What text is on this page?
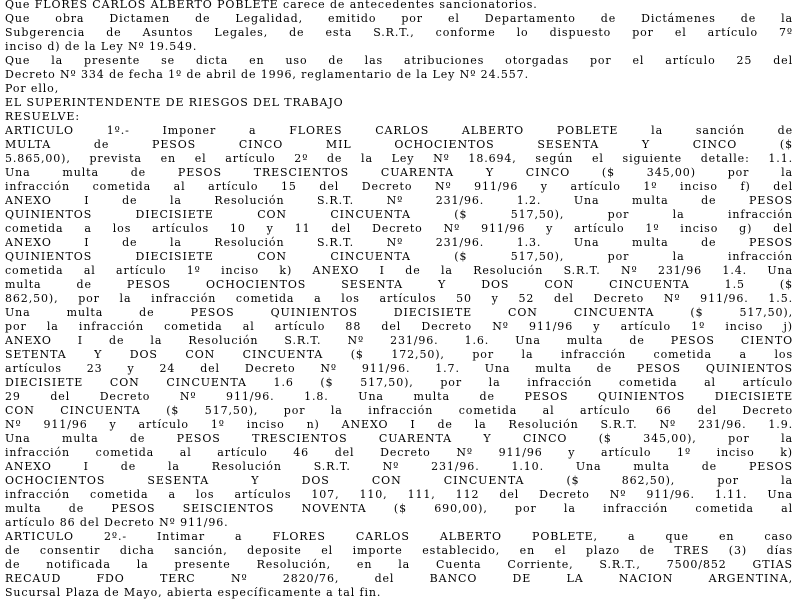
Que FLORES CARLOS ALBERTO POBLETE carece de antecedentes sancionatorios.
Que obra Dictamen de Legalidad, emitido por el Departamento de Dictámenes de la
Subgerencia de Asuntos Legales, de esta S.R.T., conforme lo dispuesto por el artículo 7º
inciso d) de la Ley Nº 19.549.
Que la presente se dicta en uso de las atribuciones otorgadas por el artículo 25 del
Decreto Nº 334 de fecha 1º de abril de 1996, reglamentario de la Ley Nº 24.557.
Por ello,
EL SUPERINTENDENTE DE RIESGOS DEL TRABAJO
RESUELVE:
ARTICULO 1º.- Imponer a FLORES CARLOS ALBERTO POBLETE la sanción de
MULTA de PESOS CINCO MIL OCHOCIENTOS SESENTA Y CINCO ($
5.865,00), prevista en el artículo 2º de la Ley Nº 18.694, según el siguiente detalle: 1.1.
Una multa de PESOS TRESCIENTOS CUARENTA Y CINCO ($ 345,00) por la
infracción cometida al artículo 15 del Decreto Nº 911/96 y artículo 1º inciso f) del
ANEXO I de la Resolución S.R.T. Nº 231/96. 1.2. Una multa de PESOS
QUINIENTOS DIECISIETE CON CINCUENTA ($ 517,50), por la infracción
cometida a los artículos 10 y 11 del Decreto Nº 911/96 y artículo 1º inciso g) del
ANEXO I de la Resolución S.R.T. Nº 231/96. 1.3. Una multa de PESOS
QUINIENTOS DIECISIETE CON CINCUENTA ($ 517,50), por la infracción
cometida al artículo 1º inciso k) ANEXO I de la Resolución S.R.T. Nº 231/96 1.4. Una
multa de PESOS OCHOCIENTOS SESENTA Y DOS CON CINCUENTA 1.5 ($
862,50), por la infracción cometida a los artículos 50 y 52 del Decreto Nº 911/96. 1.5.
Una multa de PESOS QUINIENTOS DIECISIETE CON CINCUENTA ($ 517,50),
por la infracción cometida al artículo 88 del Decreto Nº 911/96 y artículo 1º inciso j)
ANEXO I de la Resolución S.R.T. Nº 231/96. 1.6. Una multa de PESOS CIENTO
SETENTA Y DOS CON CINCUENTA ($ 172,50), por la infracción cometida a los
artículos 23 y 24 del Decreto Nº 911/96. 1.7. Una multa de PESOS QUINIENTOS
DIECISIETE CON CINCUENTA 1.6 ($ 517,50), por la infracción cometida al artículo
29 del Decreto Nº 911/96. 1.8. Una multa de PESOS QUINIENTOS DIECISIETE
CON CINCUENTA ($ 517,50), por la infracción cometida al artículo 66 del Decreto
Nº 911/96 y artículo 1º inciso n) ANEXO I de la Resolución S.R.T. Nº 231/96. 1.9.
Una multa de PESOS TRESCIENTOS CUARENTA Y CINCO ($ 345,00), por la
infracción cometida al artículo 46 del Decreto Nº 911/96 y artículo 1º inciso k)
ANEXO I de la Resolución S.R.T. Nº 231/96. 1.10. Una multa de PESOS
OCHOCIENTOS SESENTA Y DOS CON CINCUENTA ($ 862,50), por la
infracción cometida a los artículos 107, 110, 111, 112 del Decreto Nº 911/96. 1.11. Una
multa de PESOS SEISCIENTOS NOVENTA ($ 690,00), por la infracción cometida al
artículo 86 del Decreto Nº 911/96.
ARTICULO 2º.- Intimar a FLORES CARLOS ALBERTO POBLETE, a que en caso
de consentir dicha sanción, deposite el importe establecido, en el plazo de TRES (3) días
de notificada la presente Resolución, en la Cuenta Corriente, S.R.T., 7500/852 GTIAS
RECAUD FDO TERC Nº 2820/76, del BANCO DE LA NACION ARGENTINA,
Sucursal Plaza de Mayo, abierta específicamente a tal fin.
